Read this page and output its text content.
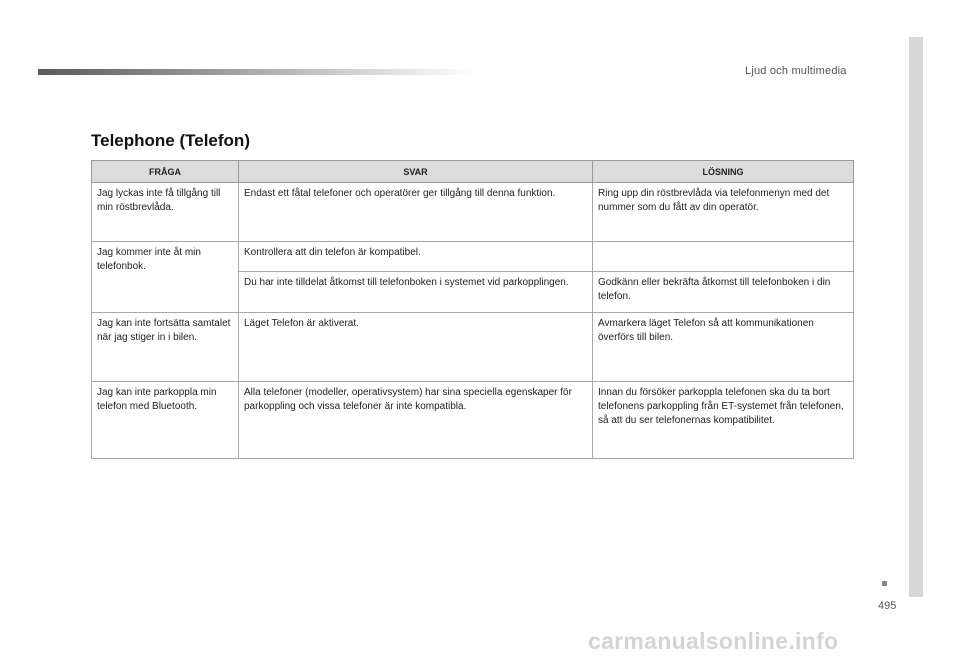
Ljud och multimedia
495
Telephone (Telefon)
FRÅGA	SVAR	LÖSNING
Jag lyckas inte få tillgång till min röstbrevlåda.	Endast ett fåtal telefoner och operatörer ger tillgång till denna funktion.	Ring upp din röstbrevlåda via telefonmenyn med det nummer som du fått av din operatör.
Jag kommer inte åt min telefonbok.	Kontrollera att din telefon är kompatibel.	
	Du har inte tilldelat åtkomst till telefonboken i systemet vid parkopplingen.	Godkänn eller bekräfta åtkomst till telefonboken i din telefon.
Jag kan inte fortsätta samtalet när jag stiger in i bilen.	Läget Telefon är aktiverat.	Avmarkera läget Telefon så att kommunikationen överförs till bilen.
Jag kan inte parkoppla min telefon med Bluetooth.	Alla telefoner (modeller, operativsystem) har sina speciella egenskaper för parkoppling och vissa telefoner är inte kompatibla.	Innan du försöker parkoppla telefonen ska du ta bort telefonens parkoppling från ET-systemet från telefonen, så att du ser telefonernas kompatibilitet.
carmanualsonline.info
